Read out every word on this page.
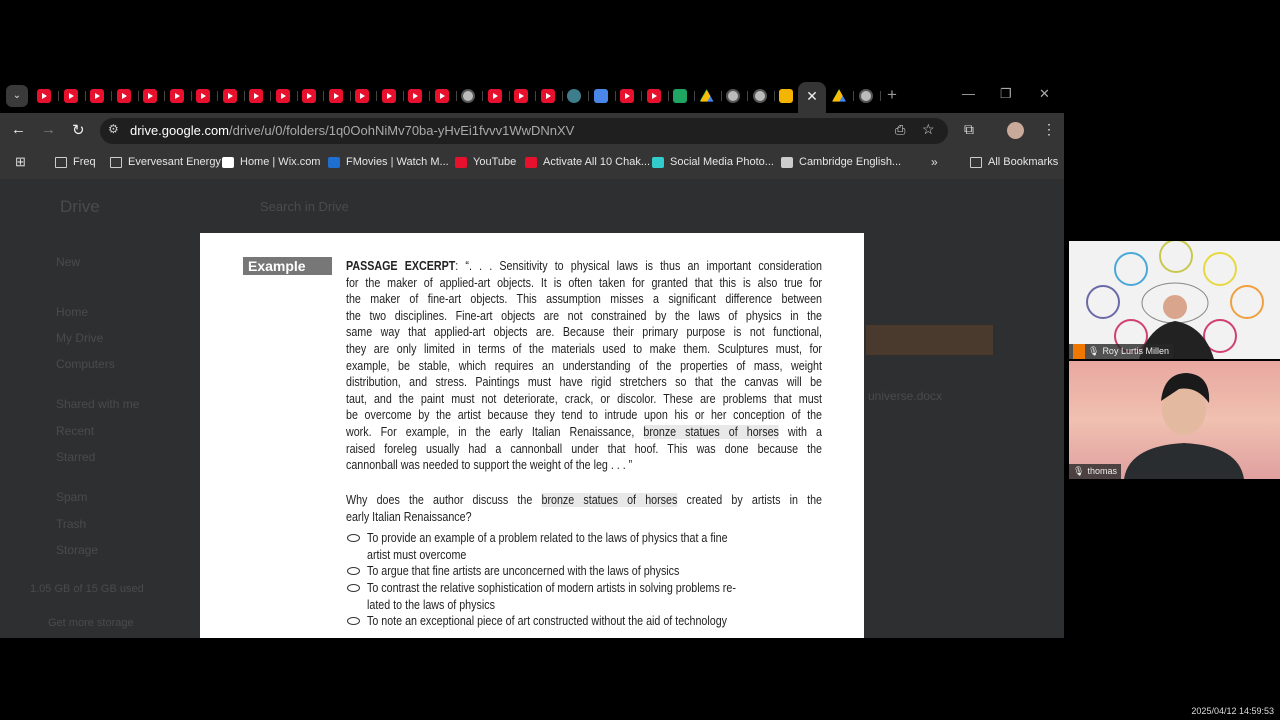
⌄	✕	+	— ❐ ✕
← → ↻ ⚙ drive.google.com/drive/u/0/folders/1q0OohNiMv70ba-yHvEi1fvvv1WwDNnXV	⎙ ☆ ⧉	⋮
⊞	Freq	Evervesant Energy Home | Wix.com FMovies | Watch M... YouTube Activate All 10 Chak... Social Media Photo... Cambridge English... »	All Bookmarks
Drive	Search in Drive
New
Home
My Drive
Computers
Shared with me
Recent
Starred
Spam
Trash
Storage
1.05 GB of 15 GB used
Get more storage
universe.docx
Example	PASSAGE EXCERPT: “. . . Sensitivity to physical laws is thus an important consideration
for the maker of applied-art objects. It is often taken for granted that this is also true for
the maker of fine-art objects. This assumption misses a significant difference between
the two disciplines. Fine-art objects are not constrained by the laws of physics in the
same way that applied-art objects are. Because their primary purpose is not functional,
they are only limited in terms of the materials used to make them. Sculptures must, for
example, be stable, which requires an understanding of the properties of mass, weight
distribution, and stress. Paintings must have rigid stretchers so that the canvas will be
taut, and the paint must not deteriorate, crack, or discolor. These are problems that must
be overcome by the artist because they tend to intrude upon his or her conception of the
work. For example, in the early Italian Renaissance, bronze statues of horses with a
raised foreleg usually had a cannonball under that hoof. This was done because the
cannonball was needed to support the weight of the leg . . . ”
Why does the author discuss the bronze statues of horses created by artists in the
early Italian Renaissance?
To provide an example of a problem related to the laws of physics that a fine
artist must overcome
To argue that fine artists are unconcerned with the laws of physics
To contrast the relative sophistication of modern artists in solving problems re-
lated to the laws of physics
To note an exceptional piece of art constructed without the aid of technology
🎙 Roy Lurtis Millen
🎙 thomas
2025/04/12 14:59:53
